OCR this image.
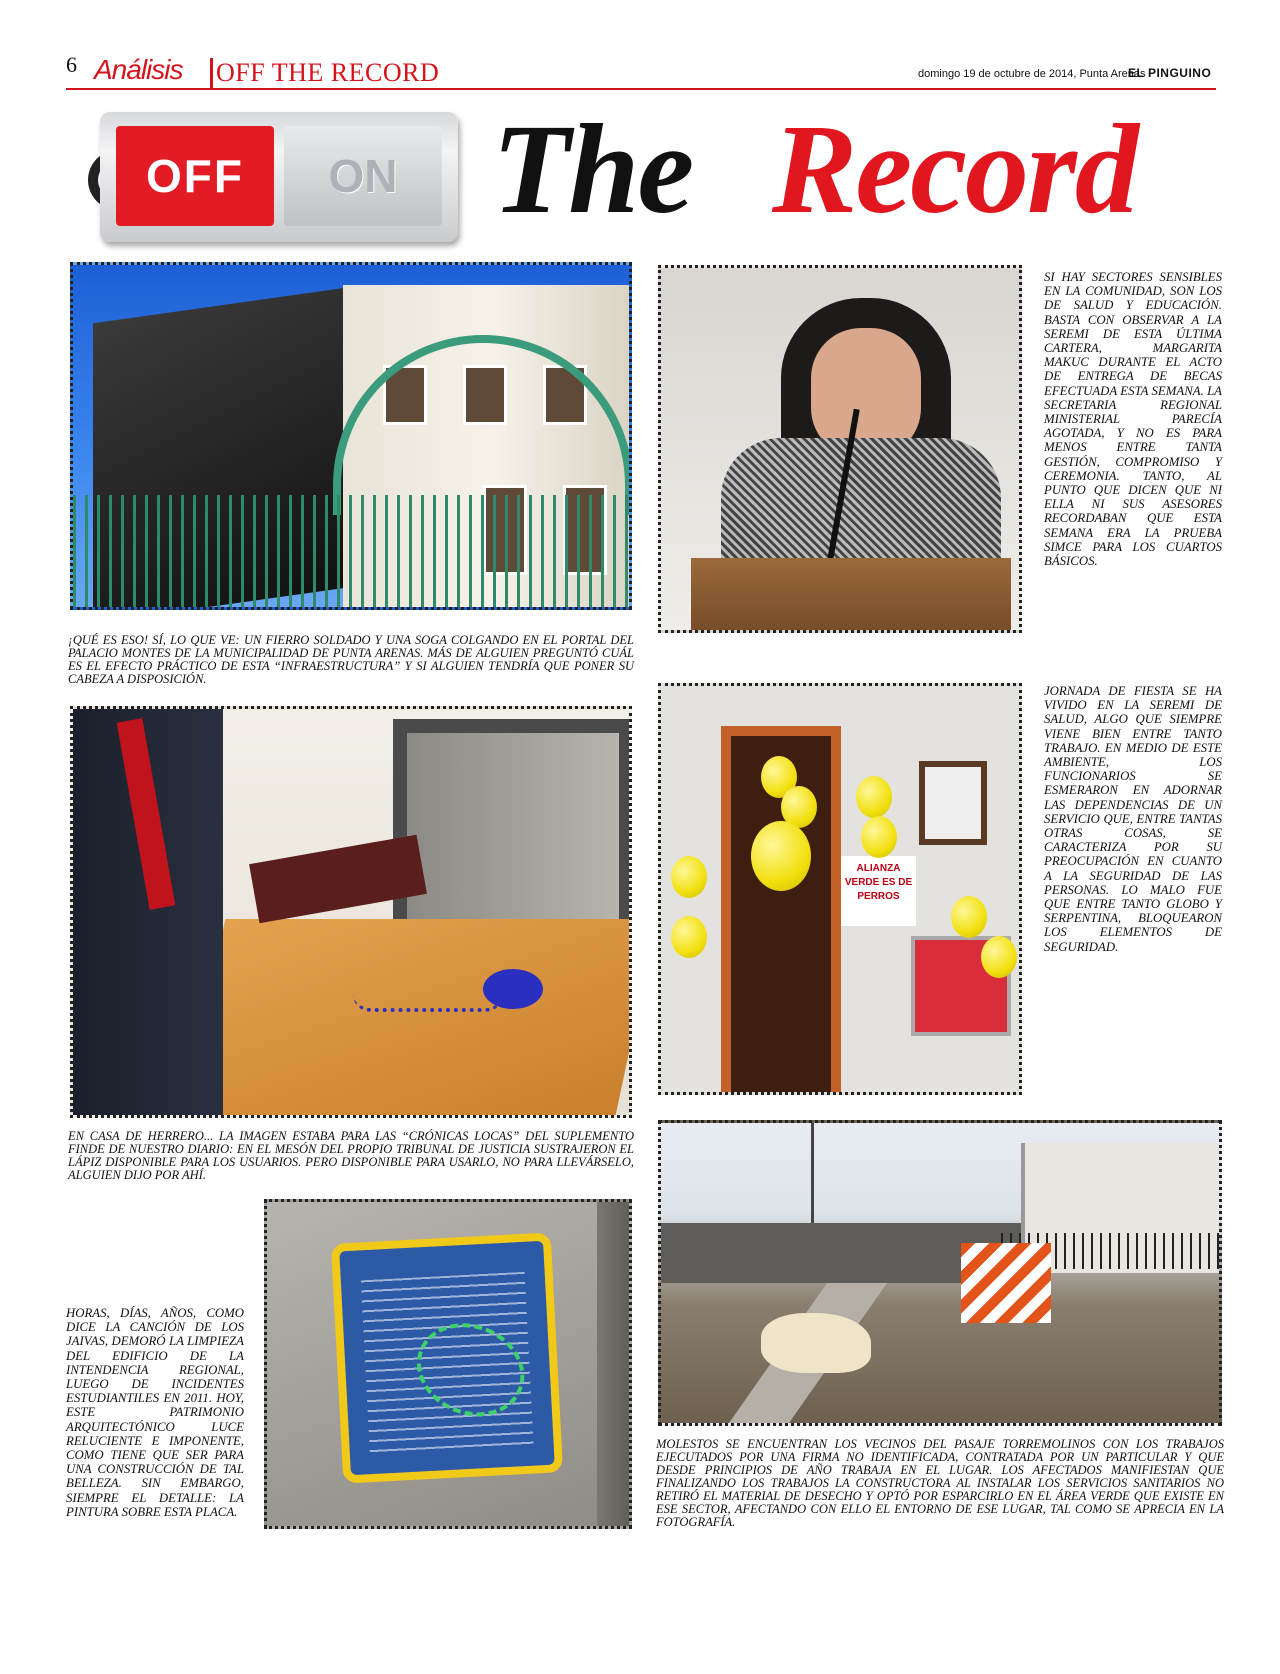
6 Análisis OFF THE RECORD	domingo 19 de octubre de 2014, Punta Arenas
EL PINGUINO
OFF	ON The Record
¡QUÉ ES ESO! SÍ, LO QUE VE: UN FIERRO SOLDADO Y UNA SOGA COLGANDO EN EL PORTAL DEL PALACIO MONTES DE LA MUNICIPALIDAD DE PUNTA ARENAS. MÁS DE ALGUIEN PREGUNTÓ CUÁL ES EL EFECTO PRÁCTICO DE ESTA “INFRAESTRUCTURA” Y SI ALGUIEN TENDRÍA QUE PONER SU CABEZA A DISPOSICIÓN.
SI HAY SECTORES SENSIBLES EN LA COMUNIDAD, SON LOS DE SALUD Y EDUCACIÓN. BASTA CON OBSERVAR A LA SEREMI DE ESTA ÚLTIMA CARTERA, MARGARITA MAKUC DURANTE EL ACTO DE ENTREGA DE BECAS EFECTUADA ESTA SEMANA. LA SECRETARIA REGIONAL MINISTERIAL PARECÍA AGOTADA, Y NO ES PARA MENOS ENTRE TANTA GESTIÓN, COMPROMISO Y CEREMONIA. TANTO, AL PUNTO QUE DICEN QUE NI ELLA NI SUS ASESORES RECORDABAN QUE ESTA SEMANA ERA LA PRUEBA SIMCE PARA LOS CUARTOS BÁSICOS.
EN CASA DE HERRERO... LA IMAGEN ESTABA PARA LAS “CRÓNICAS LOCAS” DEL SUPLEMENTO FINDE DE NUESTRO DIARIO: EN EL MESÓN DEL PROPIO TRIBUNAL DE JUSTICIA SUSTRAJERON EL LÁPIZ DISPONIBLE PARA LOS USUARIOS. PERO DISPONIBLE PARA USARLO, NO PARA LLEVÁRSELO, ALGUIEN DIJO POR AHÍ.
ALIANZA VERDE ES DE PERROS
JORNADA DE FIESTA SE HA VIVIDO EN LA SEREMI DE SALUD, ALGO QUE SIEMPRE VIENE BIEN ENTRE TANTO TRABAJO. EN MEDIO DE ESTE AMBIENTE, LOS FUNCIONARIOS SE ESMERARON EN ADORNAR LAS DEPENDENCIAS DE UN SERVICIO QUE, ENTRE TANTAS OTRAS COSAS, SE CARACTERIZA POR SU PREOCUPACIÓN EN CUANTO A LA SEGURIDAD DE LAS PERSONAS. LO MALO FUE QUE ENTRE TANTO GLOBO Y SERPENTINA, BLOQUEARON LOS ELEMENTOS DE SEGURIDAD.
HORAS, DÍAS, AÑOS, COMO DICE LA CANCIÓN DE LOS JAIVAS, DEMORÓ LA LIMPIEZA DEL EDIFICIO DE LA INTENDENCIA REGIONAL, LUEGO DE INCIDENTES ESTUDIANTILES EN 2011. HOY, ESTE PATRIMONIO ARQUITECTÓNICO LUCE RELUCIENTE E IMPONENTE, COMO TIENE QUE SER PARA UNA CONSTRUCCIÓN DE TAL BELLEZA. SIN EMBARGO, SIEMPRE EL DETALLE: LA PINTURA SOBRE ESTA PLACA.
MOLESTOS SE ENCUENTRAN LOS VECINOS DEL PASAJE TORREMOLINOS CON LOS TRABAJOS EJECUTADOS POR UNA FIRMA NO IDENTIFICADA, CONTRATADA POR UN PARTICULAR Y QUE DESDE PRINCIPIOS DE AÑO TRABAJA EN EL LUGAR. LOS AFECTADOS MANIFIESTAN QUE FINALIZANDO LOS TRABAJOS LA CONSTRUCTORA AL INSTALAR LOS SERVICIOS SANITARIOS NO RETIRÓ EL MATERIAL DE DESECHO Y OPTÓ POR ESPARCIRLO EN EL ÁREA VERDE QUE EXISTE EN ESE SECTOR, AFECTANDO CON ELLO EL ENTORNO DE ESE LUGAR, TAL COMO SE APRECIA EN LA FOTOGRAFÍA.
